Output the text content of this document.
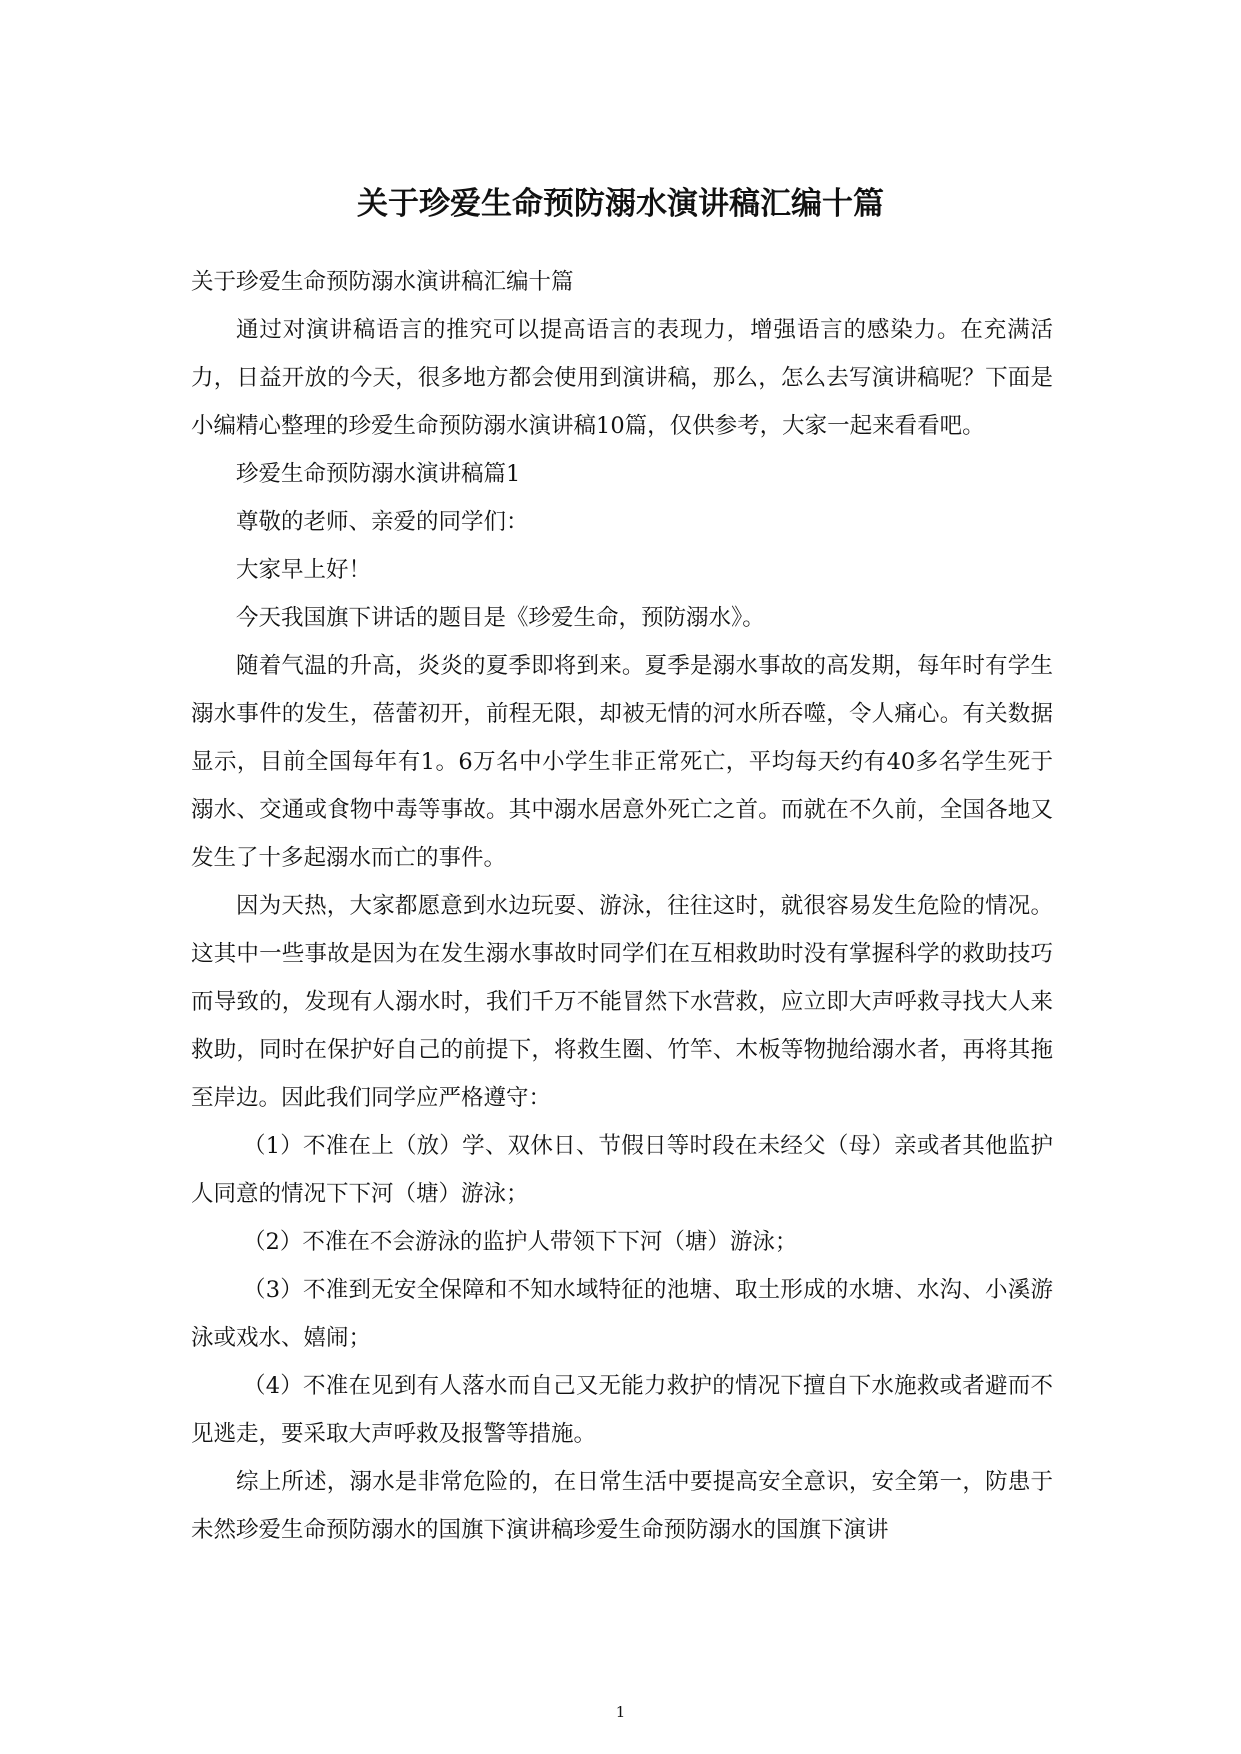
关于珍爱生命预防溺水演讲稿汇编十篇

关于珍爱生命预防溺水演讲稿汇编十篇

通过对演讲稿语言的推究可以提高语言的表现力，增强语言的感染力。在充满活力，日益开放的今天，很多地方都会使用到演讲稿，那么，怎么去写演讲稿呢？下面是小编精心整理的珍爱生命预防溺水演讲稿10篇，仅供参考，大家一起来看看吧。

珍爱生命预防溺水演讲稿篇1

尊敬的老师、亲爱的同学们：

大家早上好！

今天我国旗下讲话的题目是《珍爱生命，预防溺水》。

随着气温的升高，炎炎的夏季即将到来。夏季是溺水事故的高发期，每年时有学生溺水事件的发生，蓓蕾初开，前程无限，却被无情的河水所吞噬，令人痛心。有关数据显示，目前全国每年有1。6万名中小学生非正常死亡，平均每天约有40多名学生死于溺水、交通或食物中毒等事故。其中溺水居意外死亡之首。而就在不久前，全国各地又发生了十多起溺水而亡的事件。

因为天热，大家都愿意到水边玩耍、游泳，往往这时，就很容易发生危险的情况。这其中一些事故是因为在发生溺水事故时同学们在互相救助时没有掌握科学的救助技巧而导致的，发现有人溺水时，我们千万不能冒然下水营救，应立即大声呼救寻找大人来救助，同时在保护好自己的前提下，将救生圈、竹竿、木板等物抛给溺水者，再将其拖至岸边。因此我们同学应严格遵守：

（1）不准在上（放）学、双休日、节假日等时段在未经父（母）亲或者其他监护人同意的情况下下河（塘）游泳；

（2）不准在不会游泳的监护人带领下下河（塘）游泳；

（3）不准到无安全保障和不知水域特征的池塘、取土形成的水塘、水沟、小溪游泳或戏水、嬉闹；

（4）不准在见到有人落水而自己又无能力救护的情况下擅自下水施救或者避而不见逃走，要采取大声呼救及报警等措施。

综上所述，溺水是非常危险的，在日常生活中要提高安全意识，安全第一，防患于未然珍爱生命预防溺水的国旗下演讲稿珍爱生命预防溺水的国旗下演讲

1
